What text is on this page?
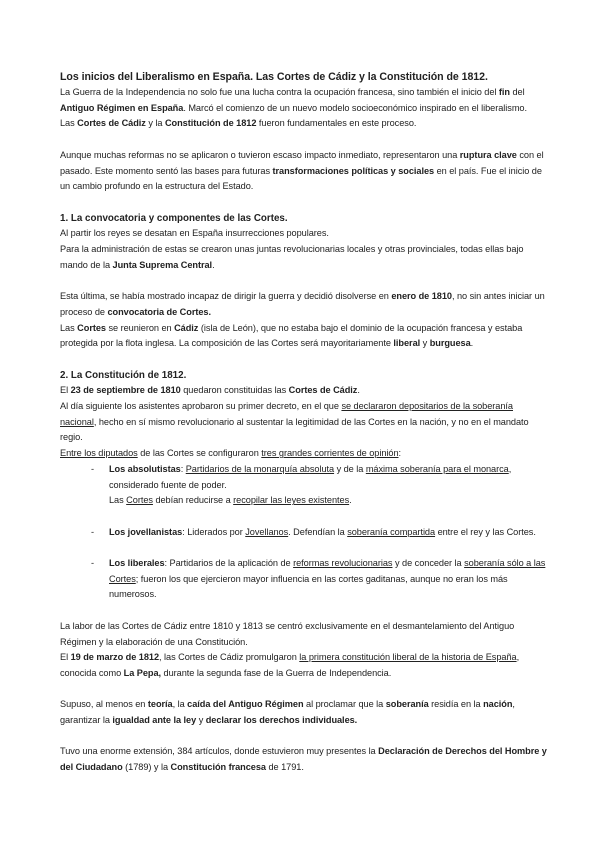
Los inicios del Liberalismo en España. Las Cortes de Cádiz y la Constitución de 1812.

La Guerra de la Independencia no solo fue una lucha contra la ocupación francesa, sino también el inicio del fin del Antiguo Régimen en España. Marcó el comienzo de un nuevo modelo socioeconómico inspirado en el liberalismo.

Las Cortes de Cádiz y la Constitución de 1812 fueron fundamentales en este proceso.

Aunque muchas reformas no se aplicaron o tuvieron escaso impacto inmediato, representaron una ruptura clave con el pasado. Este momento sentó las bases para futuras transformaciones políticas y sociales en el país. Fue el inicio de un cambio profundo en la estructura del Estado.

1. La convocatoria y componentes de las Cortes.

Al partir los reyes se desatan en España insurrecciones populares.

Para la administración de estas se crearon unas juntas revolucionarias locales y otras provinciales, todas ellas bajo mando de la Junta Suprema Central.

Esta última, se había mostrado incapaz de dirigir la guerra y decidió disolverse en enero de 1810, no sin antes iniciar un proceso de convocatoria de Cortes.

Las Cortes se reunieron en Cádiz (isla de León), que no estaba bajo el dominio de la ocupación francesa y estaba protegida por la flota inglesa. La composición de las Cortes será mayoritariamente liberal y burguesa.

2. La Constitución de 1812.

El 23 de septiembre de 1810 quedaron constituidas las Cortes de Cádiz.

Al día siguiente los asistentes aprobaron su primer decreto, en el que se declararon depositarios de la soberanía nacional, hecho en sí mismo revolucionario al sustentar la legitimidad de las Cortes en la nación, y no en el mandato regio.

Entre los diputados de las Cortes se configuraron tres grandes corrientes de opinión:

- Los absolutistas: Partidarios de la monarquía absoluta y de la máxima soberanía para el monarca, considerado fuente de poder.

Las Cortes debían reducirse a recopilar las leyes existentes.

- Los jovellanistas: Liderados por Jovellanos. Defendían la soberanía compartida entre el rey y las Cortes.

- Los liberales: Partidarios de la aplicación de reformas revolucionarias y de conceder la soberanía sólo a las Cortes; fueron los que ejercieron mayor influencia en las cortes gaditanas, aunque no eran los más numerosos.

La labor de las Cortes de Cádiz entre 1810 y 1813 se centró exclusivamente en el desmantelamiento del Antiguo Régimen y la elaboración de una Constitución.

El 19 de marzo de 1812, las Cortes de Cádiz promulgaron la primera constitución liberal de la historia de España, conocida como La Pepa, durante la segunda fase de la Guerra de Independencia.

Supuso, al menos en teoría, la caída del Antiguo Régimen al proclamar que la soberanía residía en la nación, garantizar la igualdad ante la ley y declarar los derechos individuales.

Tuvo una enorme extensión, 384 artículos, donde estuvieron muy presentes la Declaración de Derechos del Hombre y del Ciudadano (1789) y la Constitución francesa de 1791.
